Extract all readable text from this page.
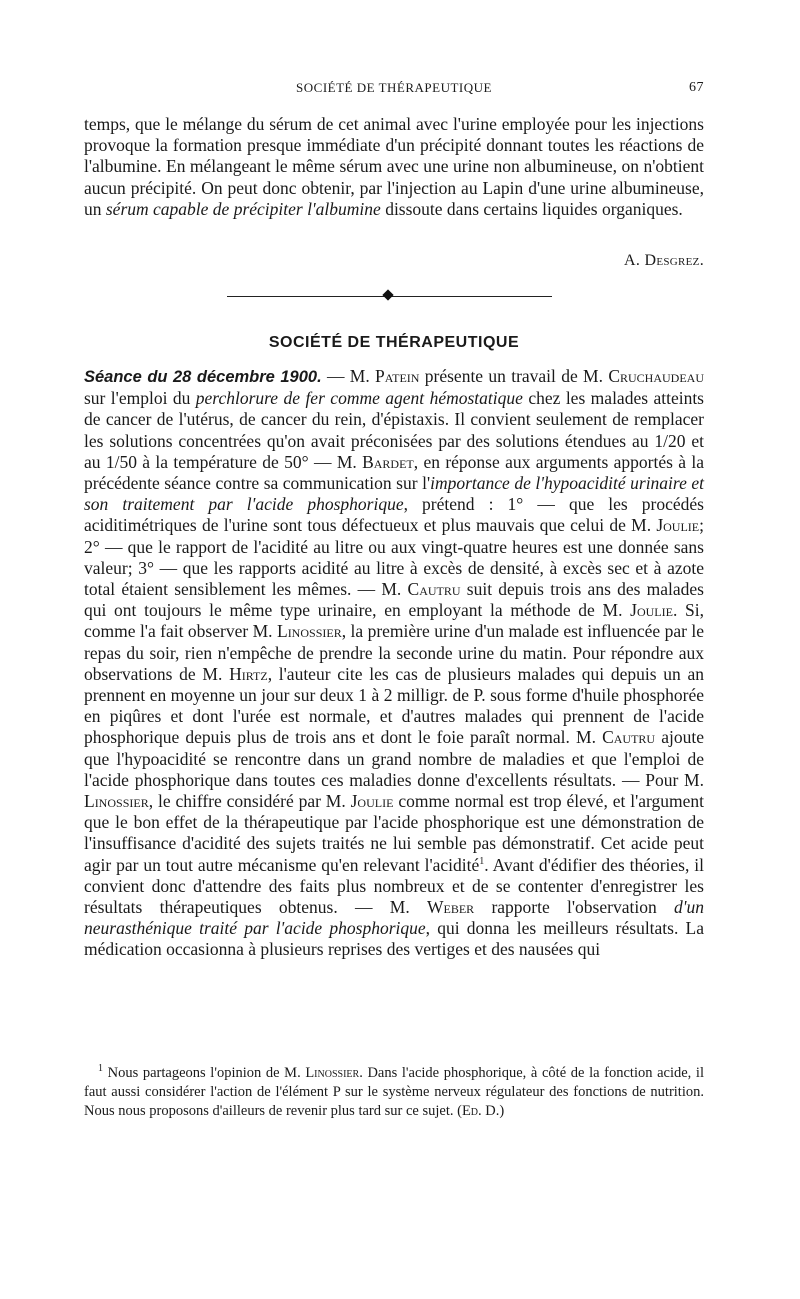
SOCIÉTÉ DE THÉRAPEUTIQUE	67

temps, que le mélange du sérum de cet animal avec l'urine employée pour les injections provoque la formation presque immédiate d'un précipité donnant toutes les réactions de l'albumine. En mélangeant le même sérum avec une urine non albumineuse, on n'obtient aucun précipité. On peut donc obtenir, par l'injection au Lapin d'une urine albumineuse, un sérum capable de précipiter l'albumine dissoute dans certains liquides organiques.

A. Desgrez.
SOCIÉTÉ DE THÉRAPEUTIQUE

Séance du 28 décembre 1900. — M. Patein présente un travail de M. Cruchaudeau sur l'emploi du perchlorure de fer comme agent hémostatique chez les malades atteints de cancer de l'utérus, de cancer du rein, d'épistaxis. Il convient seulement de remplacer les solutions concentrées qu'on avait préconisées par des solutions étendues au 1/20 et au 1/50 à la température de 50° — M. Bardet, en réponse aux arguments apportés à la précédente séance contre sa communication sur l'importance de l'hypoacidité urinaire et son traitement par l'acide phosphorique, prétend : 1° — que les procédés aciditimétriques de l'urine sont tous défectueux et plus mauvais que celui de M. Joulie; 2° — que le rapport de l'acidité au litre ou aux vingt-quatre heures est une donnée sans valeur; 3° — que les rapports acidité au litre à excès de densité, à excès sec et à azote total étaient sensiblement les mêmes. — M. Cautru suit depuis trois ans des malades qui ont toujours le même type urinaire, en employant la méthode de M. Joulie. Si, comme l'a fait observer M. Linossier, la première urine d'un malade est influencée par le repas du soir, rien n'empêche de prendre la seconde urine du matin. Pour répondre aux observations de M. Hirtz, l'auteur cite les cas de plusieurs malades qui depuis un an prennent en moyenne un jour sur deux 1 à 2 milligr. de P. sous forme d'huile phosphorée en piqûres et dont l'urée est normale, et d'autres malades qui prennent de l'acide phosphorique depuis plus de trois ans et dont le foie paraît normal. M. Cautru ajoute que l'hypoacidité se rencontre dans un grand nombre de maladies et que l'emploi de l'acide phosphorique dans toutes ces maladies donne d'excellents résultats. — Pour M. Linossier, le chiffre considéré par M. Joulie comme normal est trop élevé, et l'argument que le bon effet de la thérapeutique par l'acide phosphorique est une démonstration de l'insuffisance d'acidité des sujets traités ne lui semble pas démonstratif. Cet acide peut agir par un tout autre mécanisme qu'en relevant l'acidité$^1$. Avant d'édifier des théories, il convient donc d'attendre des faits plus nombreux et de se contenter d'enregistrer les résultats thérapeutiques obtenus. — M. Weber rapporte l'observation d'un neurasthénique traité par l'acide phosphorique, qui donna les meilleurs résultats. La médication occasionna à plusieurs reprises des vertiges et des nausées qui

$^1$ Nous partageons l'opinion de M. Linossier. Dans l'acide phosphorique, à côté de la fonction acide, il faut aussi considérer l'action de l'élément P sur le système nerveux régulateur des fonctions de nutrition. Nous nous proposons d'ailleurs de revenir plus tard sur ce sujet. (Ed. D.)
